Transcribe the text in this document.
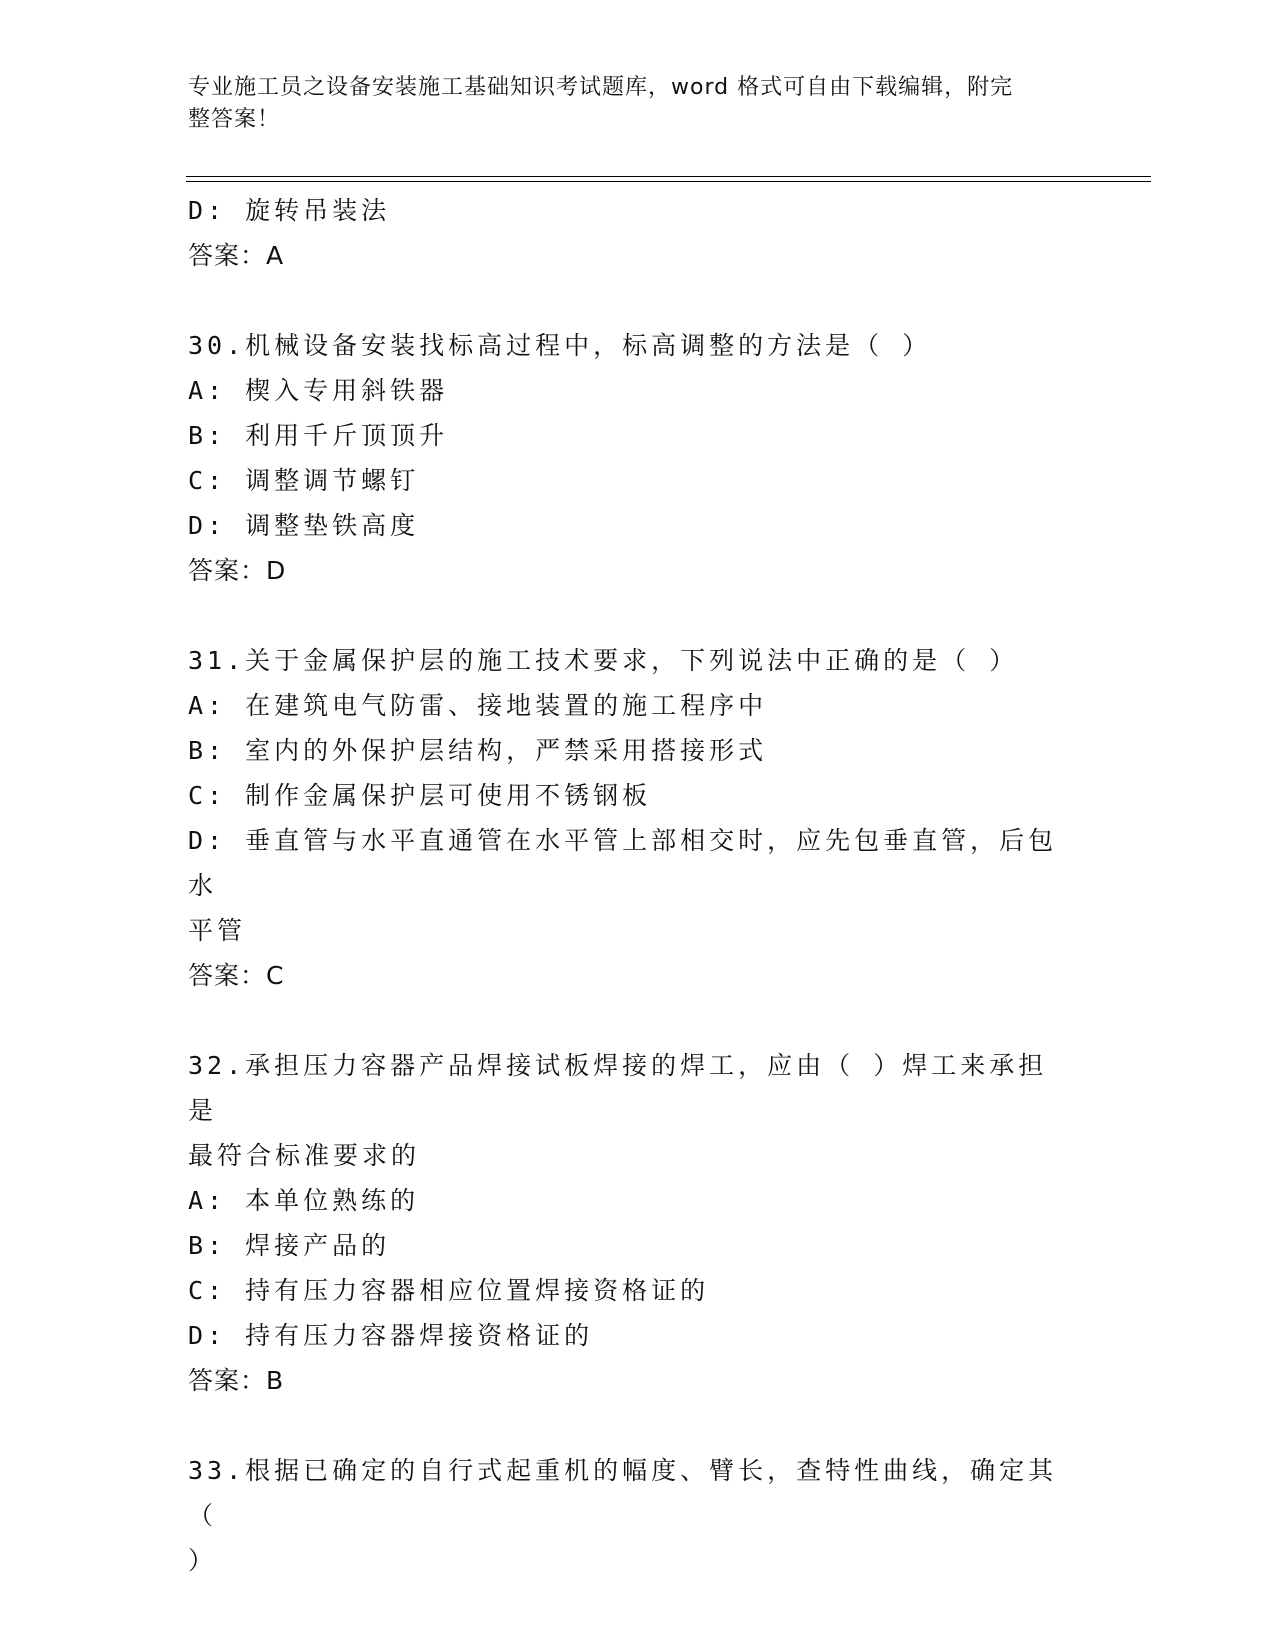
专业施工员之设备安装施工基础知识考试题库，word 格式可自由下载编辑，附完
整答案！
D: 旋转吊装法
答案：A
30.机械设备安装找标高过程中，标高调整的方法是（ ）
A: 楔入专用斜铁器
B: 利用千斤顶顶升
C: 调整调节螺钉
D: 调整垫铁高度
答案：D
31.关于金属保护层的施工技术要求，下列说法中正确的是（ ）
A: 在建筑电气防雷、接地装置的施工程序中
B: 室内的外保护层结构，严禁采用搭接形式
C: 制作金属保护层可使用不锈钢板
D: 垂直管与水平直通管在水平管上部相交时，应先包垂直管，后包水
平管
答案：C
32.承担压力容器产品焊接试板焊接的焊工，应由（ ）焊工来承担是
最符合标准要求的
A: 本单位熟练的
B: 焊接产品的
C: 持有压力容器相应位置焊接资格证的
D: 持有压力容器焊接资格证的
答案：B
33.根据已确定的自行式起重机的幅度、臂长，查特性曲线，确定其（
）
